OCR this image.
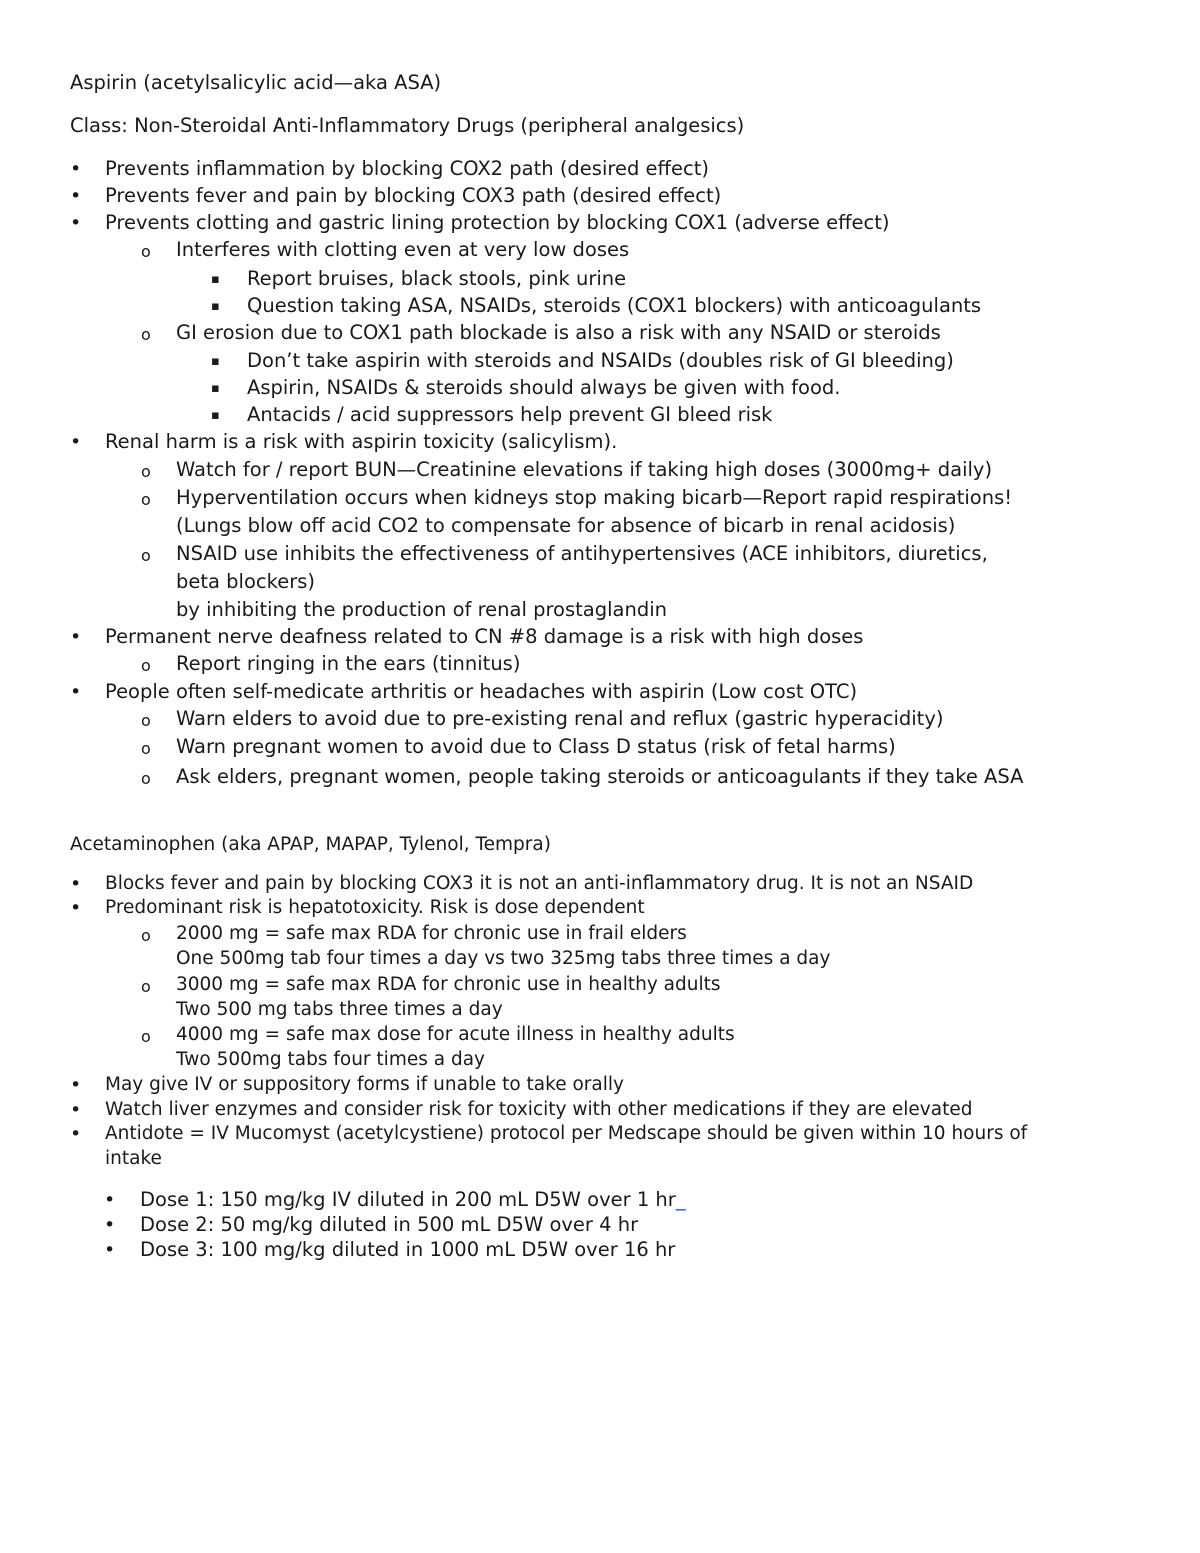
Aspirin (acetylsalicylic acid—aka ASA)
Class: Non-Steroidal Anti-Inflammatory Drugs (peripheral analgesics)
• Prevents inflammation by blocking COX2 path (desired effect)
• Prevents fever and pain by blocking COX3 path (desired effect)
• Prevents clotting and gastric lining protection by blocking COX1 (adverse effect)
o Interferes with clotting even at very low doses
▪ Report bruises, black stools, pink urine
▪ Question taking ASA, NSAIDs, steroids (COX1 blockers) with anticoagulants
o GI erosion due to COX1 path blockade is also a risk with any NSAID or steroids
▪ Don’t take aspirin with steroids and NSAIDs (doubles risk of GI bleeding)
▪ Aspirin, NSAIDs & steroids should always be given with food.
▪ Antacids / acid suppressors help prevent GI bleed risk
• Renal harm is a risk with aspirin toxicity (salicylism).
o Watch for / report BUN—Creatinine elevations if taking high doses (3000mg+ daily)
o Hyperventilation occurs when kidneys stop making bicarb—Report rapid respirations!
(Lungs blow off acid CO2 to compensate for absence of bicarb in renal acidosis)
o NSAID use inhibits the effectiveness of antihypertensives (ACE inhibitors, diuretics,
beta blockers)
by inhibiting the production of renal prostaglandin
• Permanent nerve deafness related to CN #8 damage is a risk with high doses
o Report ringing in the ears (tinnitus)
• People often self-medicate arthritis or headaches with aspirin (Low cost OTC)
o Warn elders to avoid due to pre-existing renal and reflux (gastric hyperacidity)
o Warn pregnant women to avoid due to Class D status (risk of fetal harms)
o Ask elders, pregnant women, people taking steroids or anticoagulants if they take ASA
Acetaminophen (aka APAP, MAPAP, Tylenol, Tempra)
• Blocks fever and pain by blocking COX3 it is not an anti-inflammatory drug. It is not an NSAID
• Predominant risk is hepatotoxicity. Risk is dose dependent
o 2000 mg = safe max RDA for chronic use in frail elders
One 500mg tab four times a day vs two 325mg tabs three times a day
o 3000 mg = safe max RDA for chronic use in healthy adults
Two 500 mg tabs three times a day
o 4000 mg = safe max dose for acute illness in healthy adults
Two 500mg tabs four times a day
• May give IV or suppository forms if unable to take orally
• Watch liver enzymes and consider risk for toxicity with other medications if they are elevated
• Antidote = IV Mucomyst (acetylcystiene) protocol per Medscape should be given within 10 hours of
intake
• Dose 1: 150 mg/kg IV diluted in 200 mL D5W over 1 hr_
• Dose 2: 50 mg/kg diluted in 500 mL D5W over 4 hr
• Dose 3: 100 mg/kg diluted in 1000 mL D5W over 16 hr
